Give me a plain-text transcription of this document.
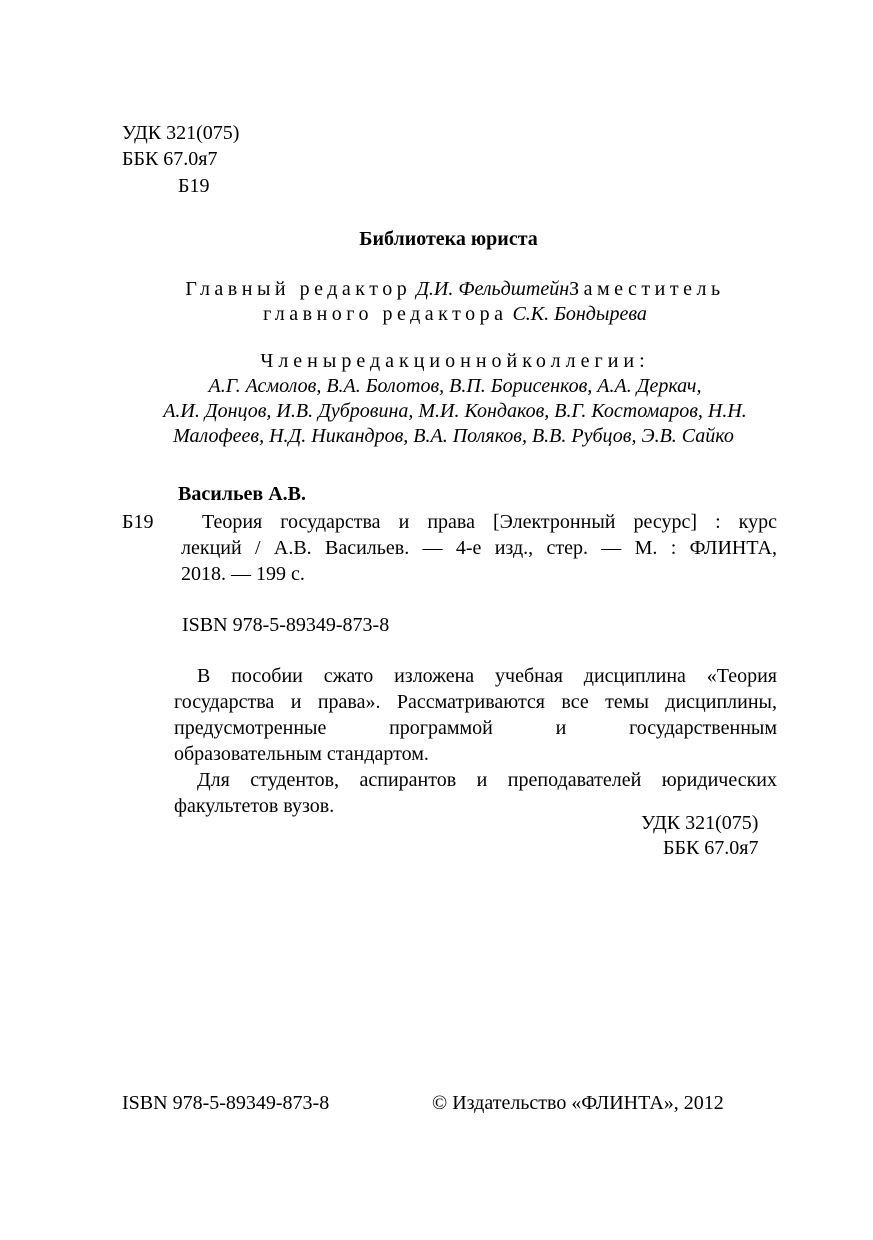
УДК 321(075)
ББК 67.0я7
Б19
Библиотека юриста
Главный редактор Д.И. ФельдштейнЗаместитель
главного редактора С.К. Бондырева
Членыредакционнойколлегии:
А.Г. Асмолов, В.А. Болотов, В.П. Борисенков, А.А. Деркач,
А.И. Донцов, И.В. Дубровина, М.И. Кондаков, В.Г. Костомаров, Н.Н.
Малофеев, Н.Д. Никандров, В.А. Поляков, В.В. Рубцов, Э.В. Сайко
Васильев А.В.
Б19 Теория государства и права [Электронный ресурс] : курс
лекций / А.В. Васильев. — 4-е изд., стер. — М. : ФЛИНТА,
2018. — 199 с.
ISBN 978-5-89349-873-8
В пособии сжато изложена учебная дисциплина «Теория
государства и права». Рассматриваются все темы дисциплины,
предусмотренные программой и государственным
образовательным стандартом.
Для студентов, аспирантов и преподавателей юридических
факультетов вузов.
УДК 321(075)
ББК 67.0я7
ISBN 978-5-89349-873-8	© Издательство «ФЛИНТА», 2012
